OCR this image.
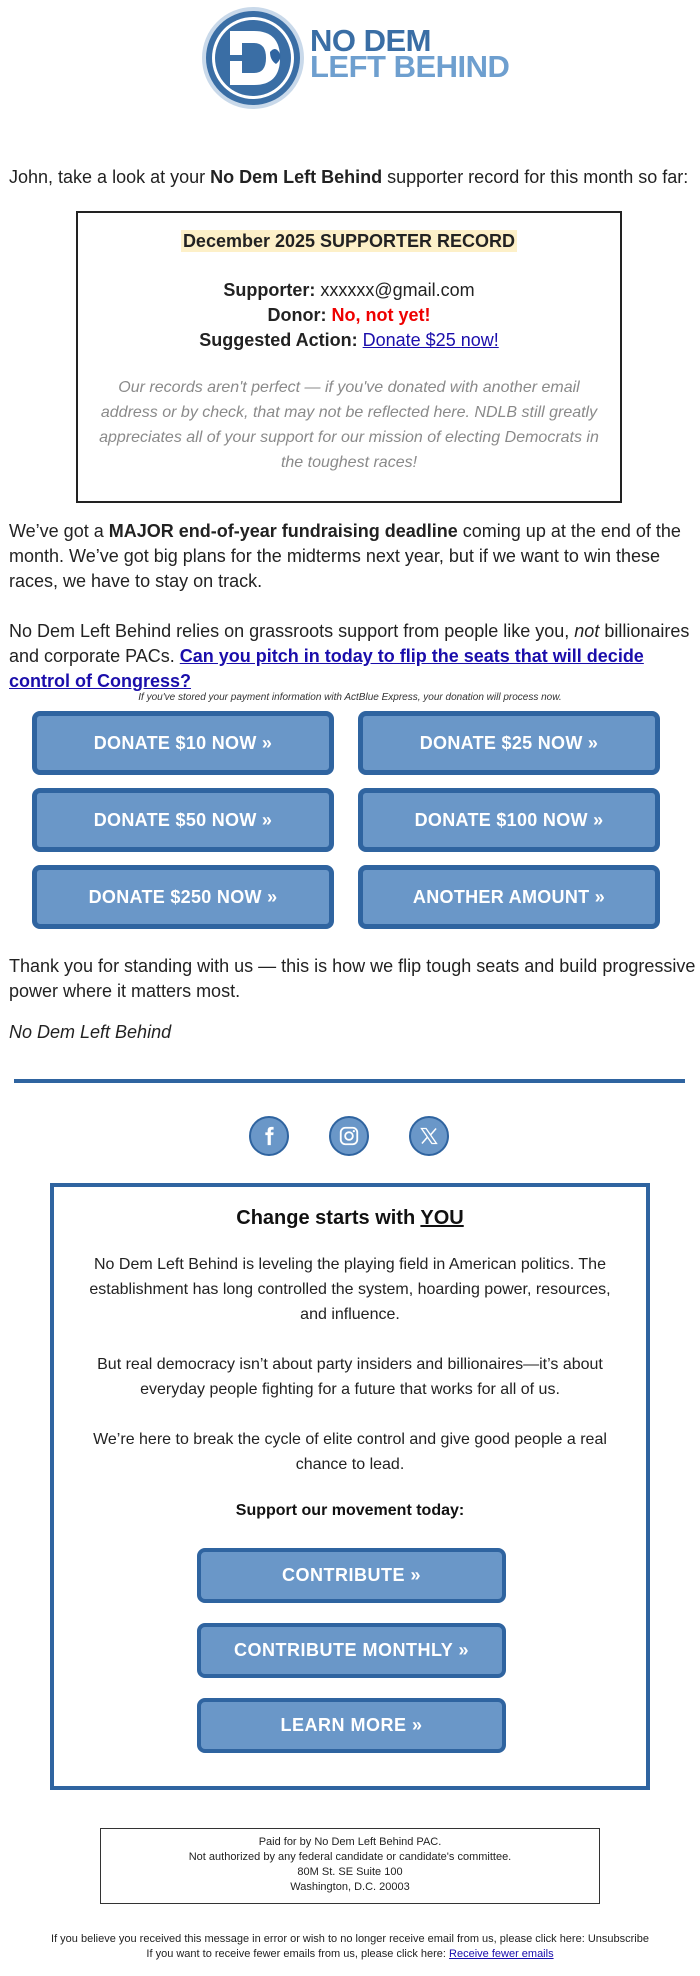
NO DEM
LEFT BEHIND
John, take a look at your No Dem Left Behind supporter record for this month so far:
December 2025 SUPPORTER RECORD
Supporter: xxxxxx@gmail.com
Donor: No, not yet!
Suggested Action: Donate $25 now!
Our records aren't perfect — if you've donated with another email address or by check, that may not be reflected here. NDLB still greatly appreciates all of your support for our mission of electing Democrats in the toughest races!
We’ve got a MAJOR end-of-year fundraising deadline coming up at the end of the month. We’ve got big plans for the midterms next year, but if we want to win these races, we have to stay on track.
No Dem Left Behind relies on grassroots support from people like you, not billionaires and corporate PACs. Can you pitch in today to flip the seats that will decide control of Congress?
If you've stored your payment information with ActBlue Express, your donation will process now.
DONATE $10 NOW »	DONATE $25 NOW »
DONATE $50 NOW »	DONATE $100 NOW »
DONATE $250 NOW »	ANOTHER AMOUNT »
Thank you for standing with us — this is how we flip tough seats and build progressive power where it matters most.
No Dem Left Behind
Change starts with YOU
No Dem Left Behind is leveling the playing field in American politics. The establishment has long controlled the system, hoarding power, resources, and influence.
But real democracy isn’t about party insiders and billionaires—it’s about everyday people fighting for a future that works for all of us.
We’re here to break the cycle of elite control and give good people a real chance to lead.
Support our movement today:
CONTRIBUTE »
CONTRIBUTE MONTHLY »
LEARN MORE »
Paid for by No Dem Left Behind PAC.
Not authorized by any federal candidate or candidate's committee.
80M St. SE Suite 100
Washington, D.C. 20003
If you believe you received this message in error or wish to no longer receive email from us, please click here: Unsubscribe
If you want to receive fewer emails from us, please click here: Receive fewer emails
